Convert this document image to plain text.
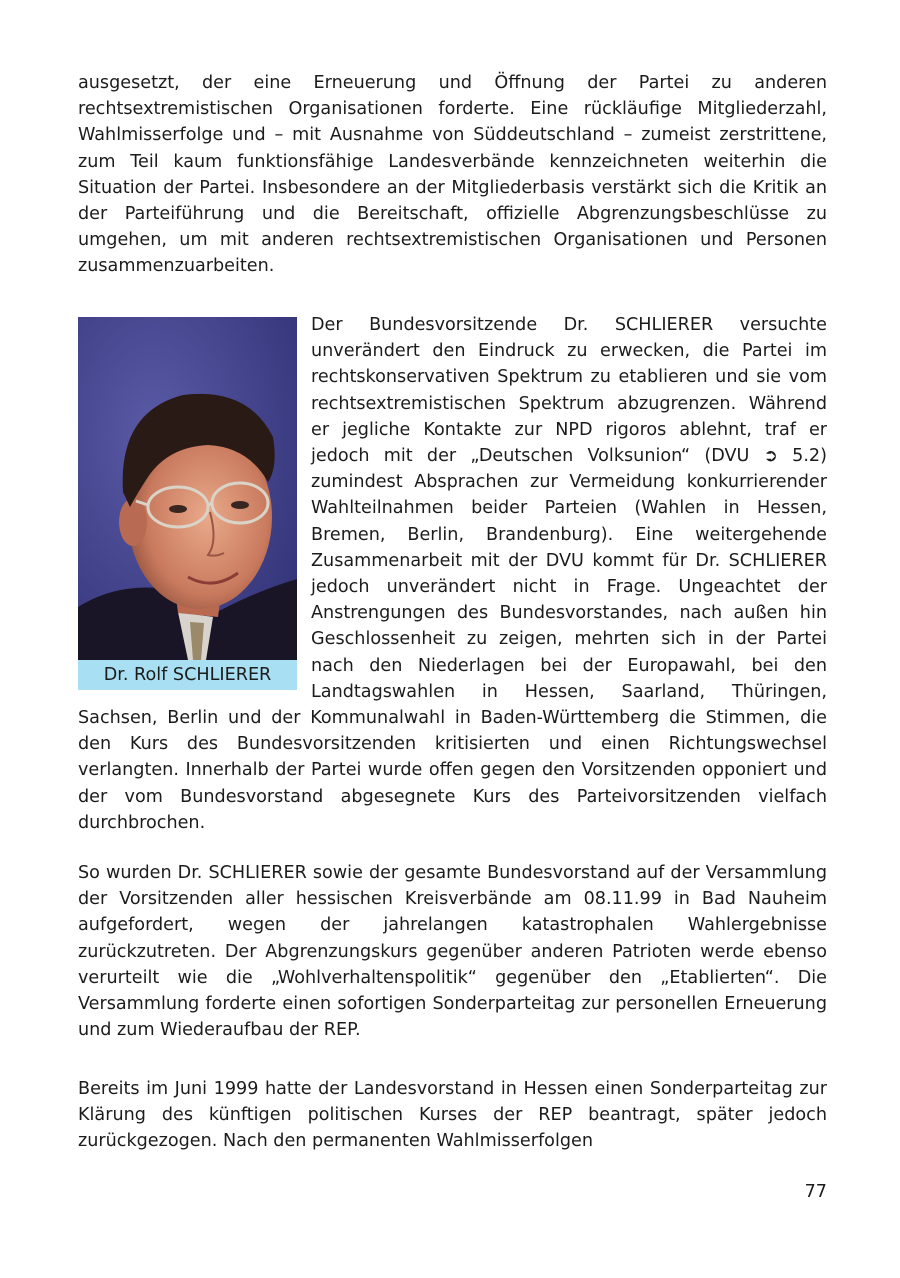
ausgesetzt, der eine Erneuerung und Öffnung der Partei zu anderen rechtsextremistischen Organisationen forderte. Eine rückläufige Mitgliederzahl, Wahlmisserfolge und – mit Ausnahme von Süddeutschland – zumeist zerstrittene, zum Teil kaum funktionsfähige Landesverbände kennzeichneten weiterhin die Situation der Partei. Insbesondere an der Mitgliederbasis verstärkt sich die Kritik an der Parteiführung und die Bereitschaft, offizielle Abgrenzungsbeschlüsse zu umgehen, um mit anderen rechtsextremistischen Organisationen und Personen zusammenzuarbeiten.

Dr. Rolf SCHLIERER

Der Bundesvorsitzende Dr. SCHLIERER versuchte unverändert den Eindruck zu erwecken, die Partei im rechtskonservativen Spektrum zu etablieren und sie vom rechtsextremistischen Spektrum abzugrenzen. Während er jegliche Kontakte zur NPD rigoros ablehnt, traf er jedoch mit der „Deutschen Volksunion“ (DVU ➲ 5.2) zumindest Absprachen zur Vermeidung konkurrierender Wahlteilnahmen beider Parteien (Wahlen in Hessen, Bremen, Berlin, Brandenburg). Eine weitergehende Zusammenarbeit mit der DVU kommt für Dr. SCHLIERER jedoch unverändert nicht in Frage. Ungeachtet der Anstrengungen des Bundesvorstandes, nach außen hin Geschlossenheit zu zeigen, mehrten sich in der Partei nach den Niederlagen bei der Europawahl, bei den Landtagswahlen in Hessen, Saarland, Thüringen, Sachsen, Berlin und der Kommunalwahl in Baden-Württemberg die Stimmen, die den Kurs des Bundesvorsitzenden kritisierten und einen Richtungswechsel verlangten. Innerhalb der Partei wurde offen gegen den Vorsitzenden opponiert und der vom Bundesvorstand abgesegnete Kurs des Parteivorsitzenden vielfach durchbrochen.

So wurden Dr. SCHLIERER sowie der gesamte Bundesvorstand auf der Versammlung der Vorsitzenden aller hessischen Kreisverbände am 08.11.99 in Bad Nauheim aufgefordert, wegen der jahrelangen katastrophalen Wahlergebnisse zurückzutreten. Der Abgrenzungskurs gegenüber anderen Patrioten werde ebenso verurteilt wie die „Wohlverhaltenspolitik“ gegenüber den „Etablierten“. Die Versammlung forderte einen sofortigen Sonderparteitag zur personellen Erneuerung und zum Wiederaufbau der REP.

Bereits im Juni 1999 hatte der Landesvorstand in Hessen einen Sonderparteitag zur Klärung des künftigen politischen Kurses der REP beantragt, später jedoch zurückgezogen. Nach den permanenten Wahlmisserfolgen

77
